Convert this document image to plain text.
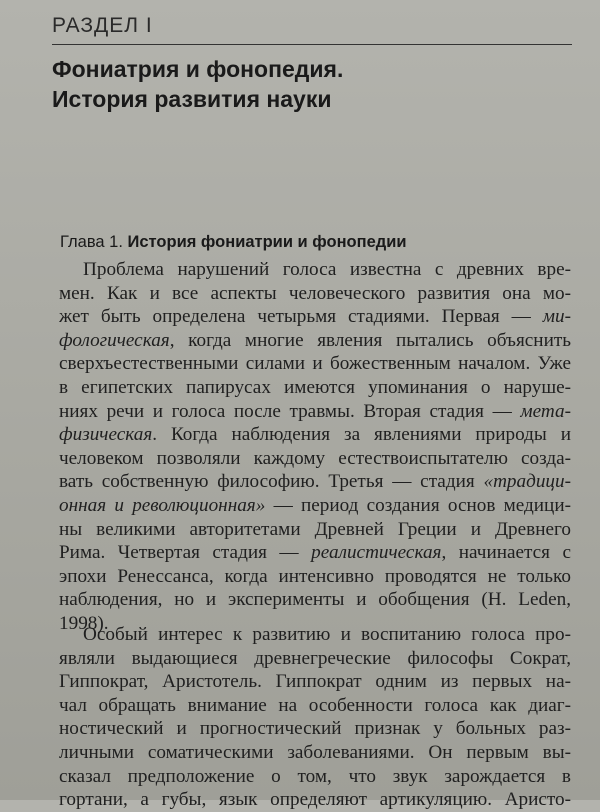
РАЗДЕЛ I
Фониатрия и фонопедия.
История развития науки
Глава 1. История фониатрии и фонопедии
Проблема нарушений голоса известна с древних вре-
мен. Как и все аспекты человеческого развития она мо-
жет быть определена четырьмя стадиями. Первая — ми-
фологическая, когда многие явления пытались объяснить
сверхъестественными силами и божественным началом. Уже
в египетских папирусах имеются упоминания о наруше-
ниях речи и голоса после травмы. Вторая стадия — мета-
физическая. Когда наблюдения за явлениями природы и
человеком позволяли каждому естествоиспытателю созда-
вать собственную философию. Третья — стадия «традици-
онная и революционная» — период создания основ медици-
ны великими авторитетами Древней Греции и Древнего
Рима. Четвертая стадия — реалистическая, начинается с
эпохи Ренессанса, когда интенсивно проводятся не только
наблюдения, но и эксперименты и обобщения (H. Leden,
1998).
Особый интерес к развитию и воспитанию голоса про-
являли выдающиеся древнегреческие философы Сократ,
Гиппократ, Аристотель. Гиппократ одним из первых на-
чал обращать внимание на особенности голоса как диаг-
ностический и прогностический признак у больных раз-
личными соматическими заболеваниями. Он первым вы-
сказал предположение о том, что звук зарождается в
гортани, а губы, язык определяют артикуляцию. Аристо-
